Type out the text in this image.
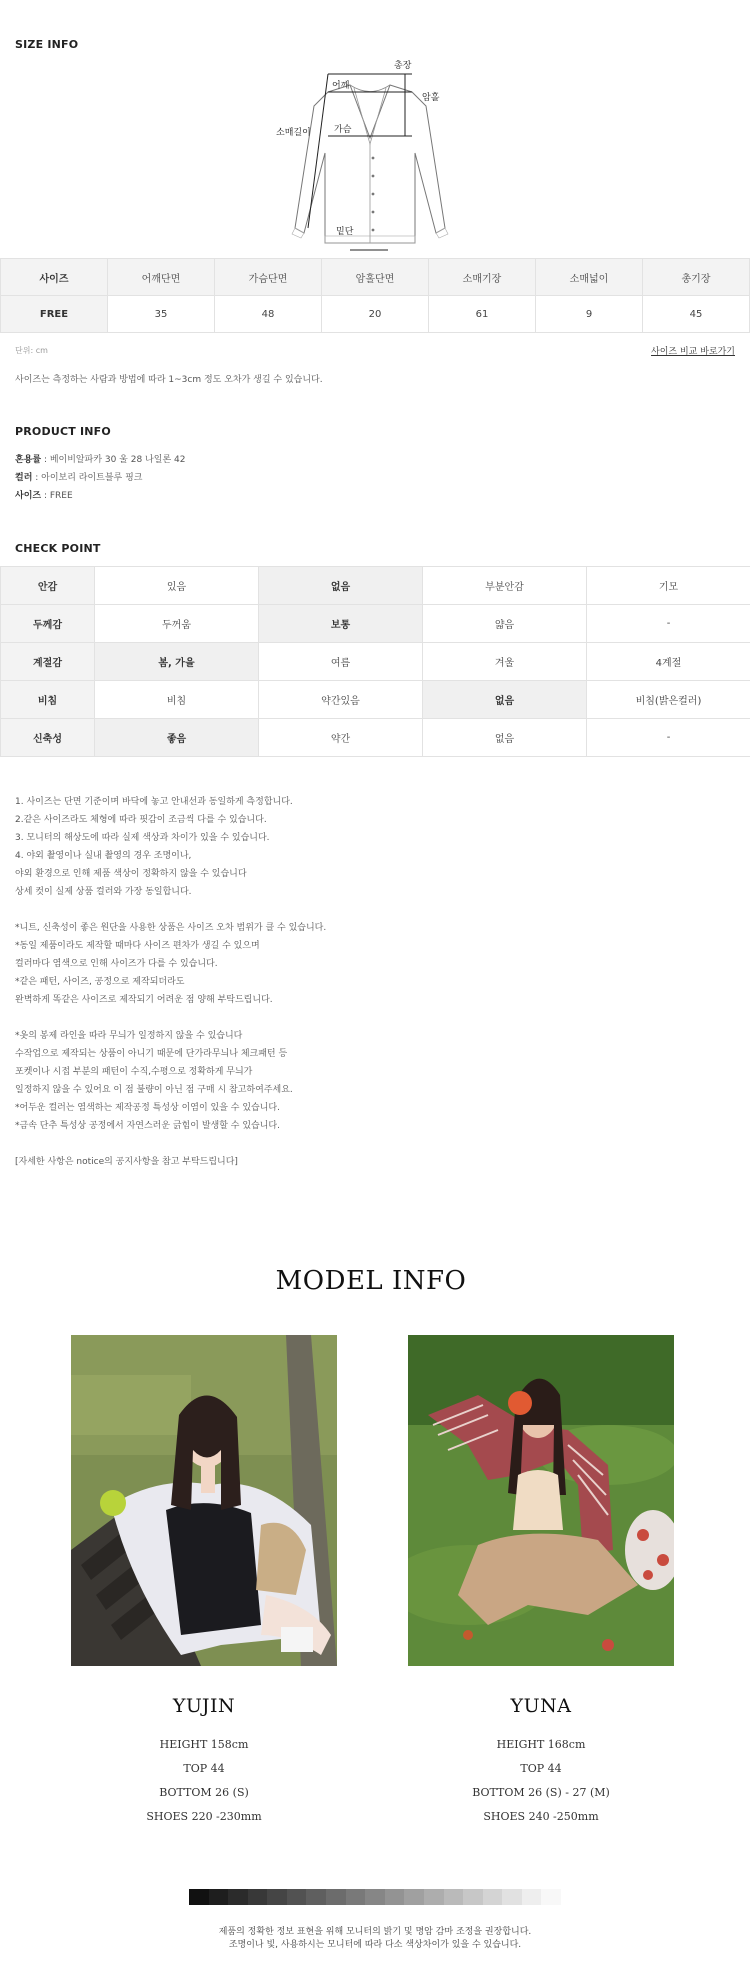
SIZE INFO
총장
어깨
암홀
소매길이	가슴
밑단
사이즈	어깨단면	가슴단면	암홀단면	소매기장	소매넓이	총기장
FREE	35	48	20	61	9	45
단위: cm	사이즈 비교 바로가기
사이즈는 측정하는 사람과 방법에 따라 1~3cm 정도 오차가 생길 수 있습니다.
PRODUCT INFO
혼용률 : 베이비알파카 30 울 28 나일론 42
컬러 : 아이보리 라이트블루 핑크
사이즈 : FREE
CHECK POINT
안감	있음	없음	부분안감	기모
두께감	두꺼움	보통	얇음	-
계절감	봄, 가을	여름	겨울	4계절
비침	비침	약간있음	없음	비침(밝은컬러)
신축성	좋음	약간	없음	-
1. 사이즈는 단면 기준이며 바닥에 놓고 안내선과 동일하게 측정합니다.
2.같은 사이즈라도 체형에 따라 핏감이 조금씩 다를 수 있습니다.
3. 모니터의 해상도에 따라 실제 색상과 차이가 있을 수 있습니다.
4. 야외 촬영이나 실내 촬영의 경우 조명이나,
야외 환경으로 인해 제품 색상이 정확하지 않을 수 있습니다
상세 컷이 실제 상품 컬러와 가장 동일합니다.
*니트, 신축성이 좋은 원단을 사용한 상품은 사이즈 오차 범위가 클 수 있습니다.
*동일 제품이라도 제작할 때마다 사이즈 편차가 생길 수 있으며
컬러마다 염색으로 인해 사이즈가 다를 수 있습니다.
*같은 패턴, 사이즈, 공정으로 제작되더라도
완벽하게 똑같은 사이즈로 제작되기 어려운 점 양해 부탁드립니다.
*옷의 봉제 라인을 따라 무늬가 일정하지 않을 수 있습니다
수작업으로 제작되는 상품이 아니기 때문에 단가라무늬나 체크패턴 등
포켓이나 시접 부분의 패턴이 수직,수평으로 정확하게 무늬가
일정하지 않을 수 있어요 이 점 불량이 아닌 점 구매 시 참고하여주세요.
*어두운 컬러는 염색하는 제작공정 특성상 이염이 있을 수 있습니다.
*금속 단추 특성상 공정에서 자연스러운 긁힘이 발생할 수 있습니다.
[자세한 사항은 notice의 공지사항을 참고 부탁드립니다]
MODEL INFO
YUJIN
HEIGHT 158cm
TOP 44
BOTTOM 26 (S)
SHOES 220 -230mm
YUNA
HEIGHT 168cm
TOP 44
BOTTOM 26 (S) - 27 (M)
SHOES 240 -250mm
제품의 정확한 정보 표현을 위해 모니터의 밝기 및 명암 감마 조정을 권장합니다.
조명이나 빛, 사용하시는 모니터에 따라 다소 색상차이가 있을 수 있습니다.
